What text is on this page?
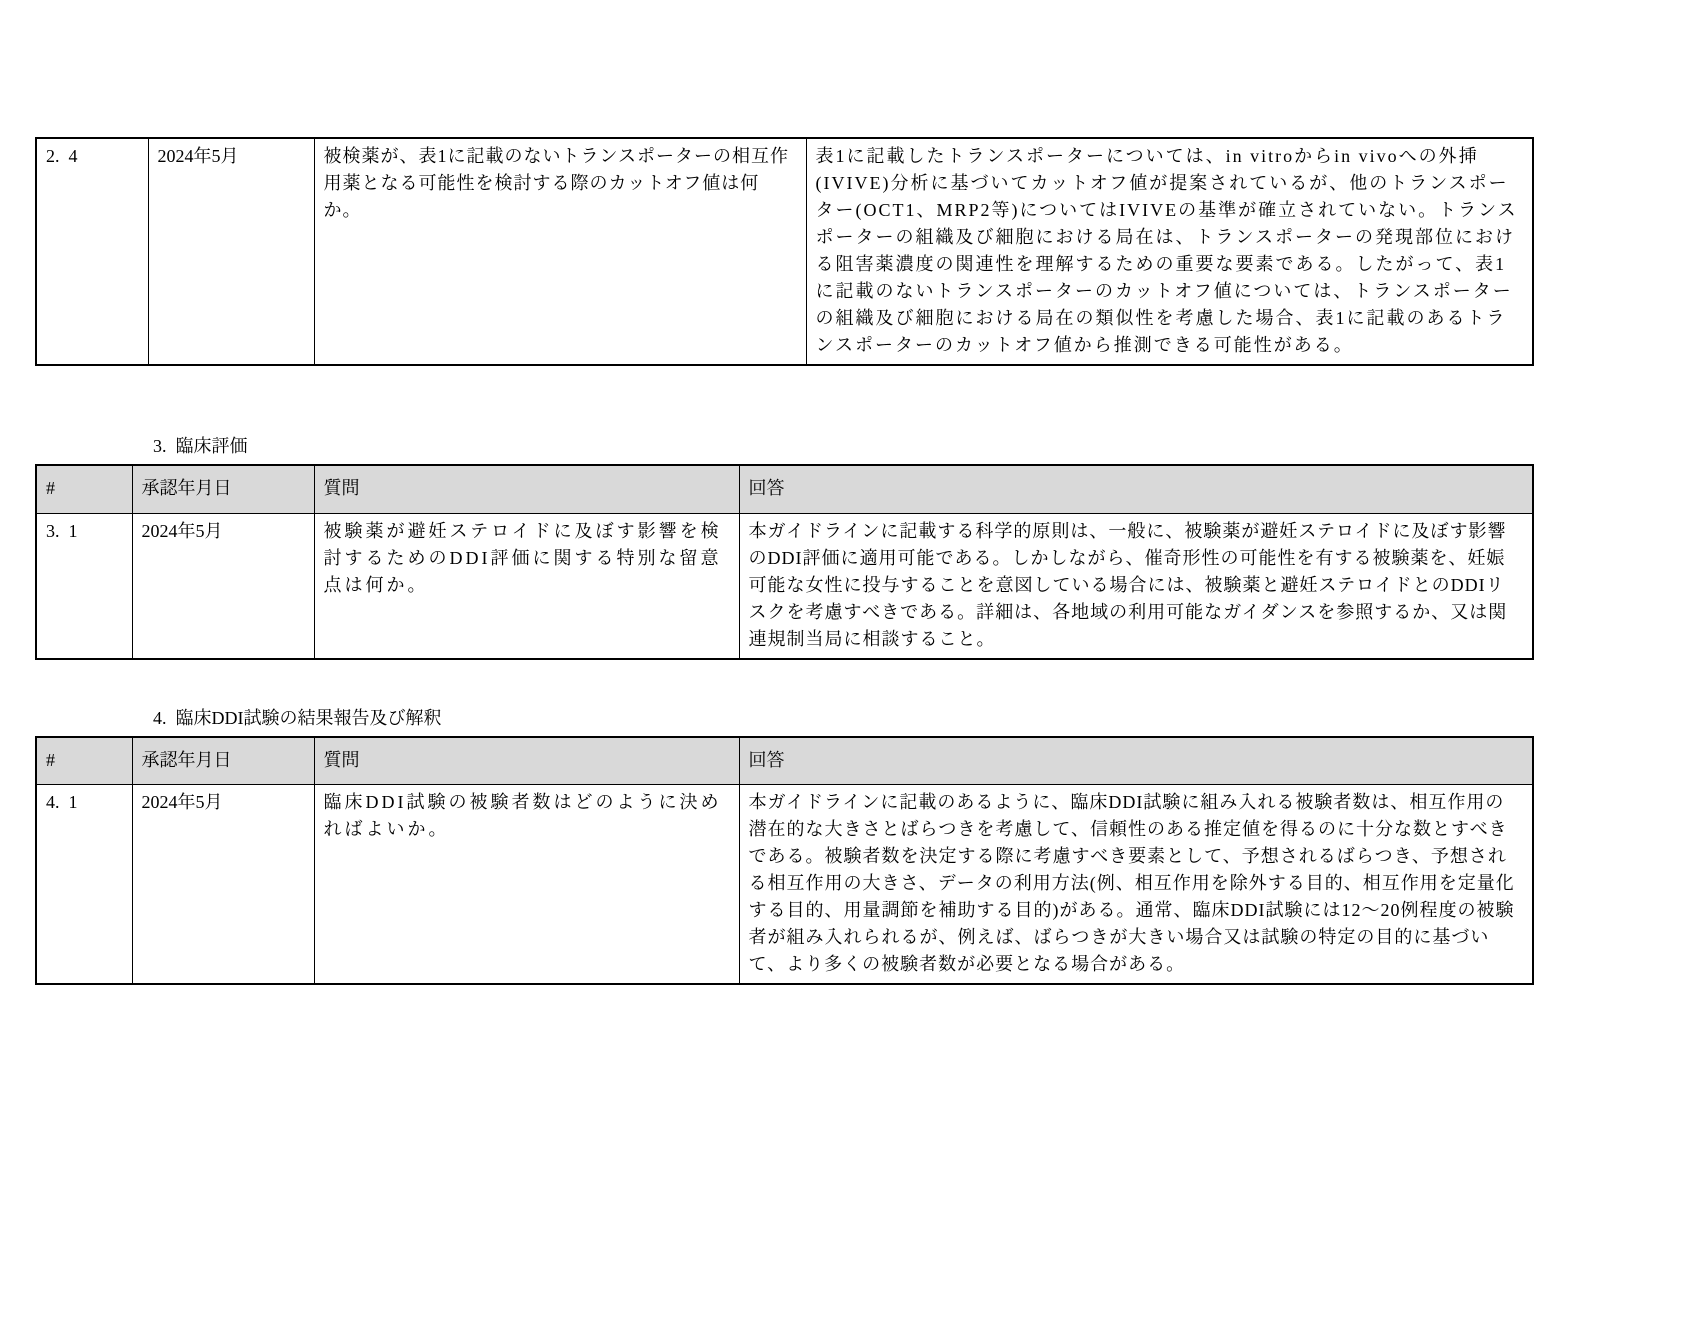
2.  4	2024年5月	被検薬が、表1に記載のないトランスポーターの相互作用薬となる可能性を検討する際のカットオフ値は何か。	表1に記載したトランスポーターについては、in vitroからin vivoへの外挿(IVIVE)分析に基づいてカットオフ値が提案されているが、他のトランスポーター(OCT1、MRP2等)についてはIVIVEの基準が確立されていない。トランスポーターの組織及び細胞における局在は、トランスポーターの発現部位における阻害薬濃度の関連性を理解するための重要な要素である。したがって、表1に記載のないトランスポーターのカットオフ値については、トランスポーターの組織及び細胞における局在の類似性を考慮した場合、表1に記載のあるトランスポーターのカットオフ値から推測できる可能性がある。
3.  臨床評価
#	承認年月日	質問	回答
3.  1	2024年5月	被験薬が避妊ステロイドに及ぼす影響を検討するためのDDI評価に関する特別な留意点は何か。	本ガイドラインに記載する科学的原則は、一般に、被験薬が避妊ステロイドに及ぼす影響のDDI評価に適用可能である。しかしながら、催奇形性の可能性を有する被験薬を、妊娠可能な女性に投与することを意図している場合には、被験薬と避妊ステロイドとのDDIリスクを考慮すべきである。詳細は、各地域の利用可能なガイダンスを参照するか、又は関連規制当局に相談すること。
4.  臨床DDI試験の結果報告及び解釈
#	承認年月日	質問	回答
4.  1	2024年5月	臨床DDI試験の被験者数はどのように決めればよいか。	本ガイドラインに記載のあるように、臨床DDI試験に組み入れる被験者数は、相互作用の潜在的な大きさとばらつきを考慮して、信頼性のある推定値を得るのに十分な数とすべきである。被験者数を決定する際に考慮すべき要素として、予想されるばらつき、予想される相互作用の大きさ、データの利用方法(例、相互作用を除外する目的、相互作用を定量化する目的、用量調節を補助する目的)がある。通常、臨床DDI試験には12〜20例程度の被験者が組み入れられるが、例えば、ばらつきが大きい場合又は試験の特定の目的に基づいて、より多くの被験者数が必要となる場合がある。
